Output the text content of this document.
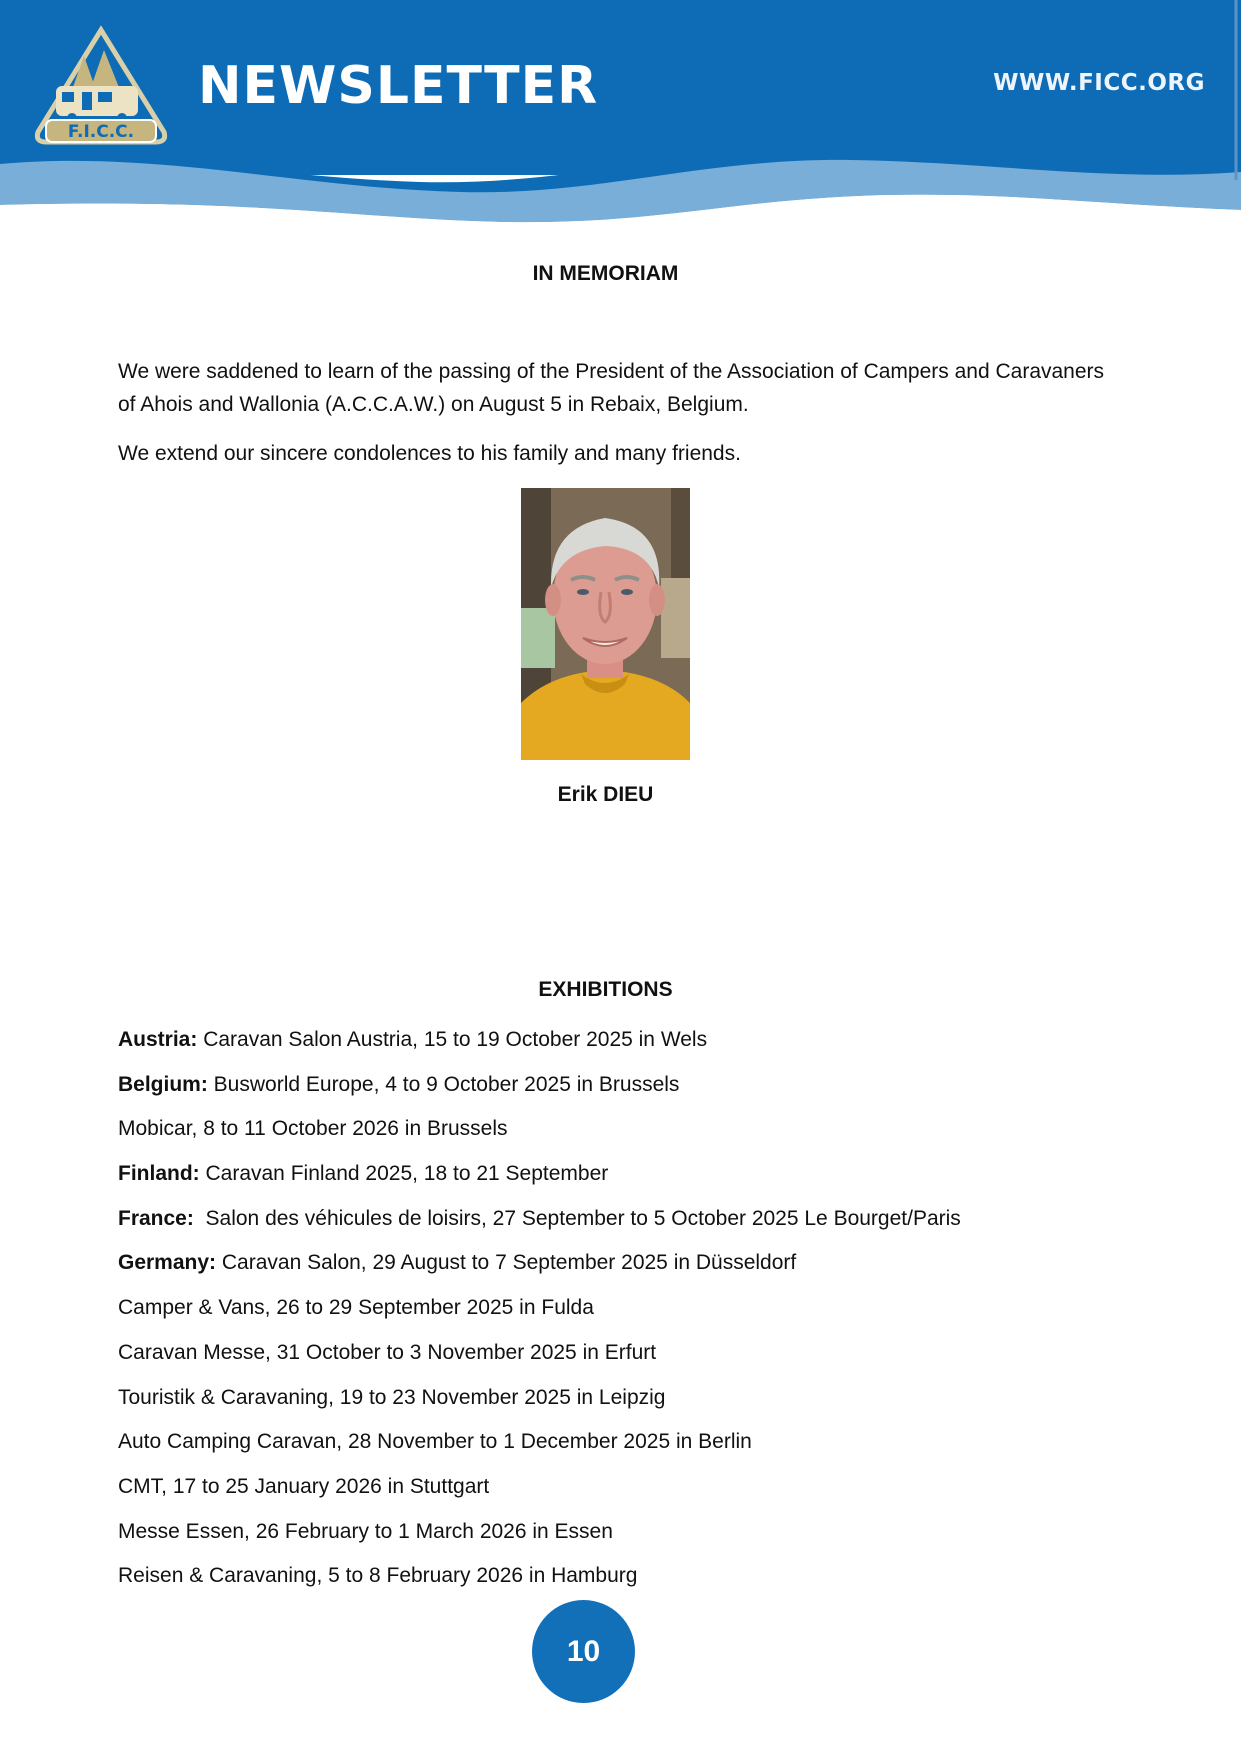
F.I.C.C.
NEWSLETTER	WWW.FICC.ORG
IN MEMORIAM

We were saddened to learn of the passing of the President of the Association of Campers and Caravaners of Ahois and Wallonia (A.C.C.A.W.) on August 5 in Rebaix, Belgium.

We extend our sincere condolences to his family and many friends.

Erik DIEU
EXHIBITIONS
Austria: Caravan Salon Austria, 15 to 19 October 2025 in Wels
Belgium: Busworld Europe, 4 to 9 October 2025 in Brussels
Mobicar, 8 to 11 October 2026 in Brussels
Finland: Caravan Finland 2025, 18 to 21 September
France:  Salon des véhicules de loisirs, 27 September to 5 October 2025 Le Bourget/Paris
Germany: Caravan Salon, 29 August to 7 September 2025 in Düsseldorf
Camper & Vans, 26 to 29 September 2025 in Fulda
Caravan Messe, 31 October to 3 November 2025 in Erfurt
Touristik & Caravaning, 19 to 23 November 2025 in Leipzig
Auto Camping Caravan, 28 November to 1 December 2025 in Berlin
CMT, 17 to 25 January 2026 in Stuttgart
Messe Essen, 26 February to 1 March 2026 in Essen
Reisen & Caravaning, 5 to 8 February 2026 in Hamburg
10
